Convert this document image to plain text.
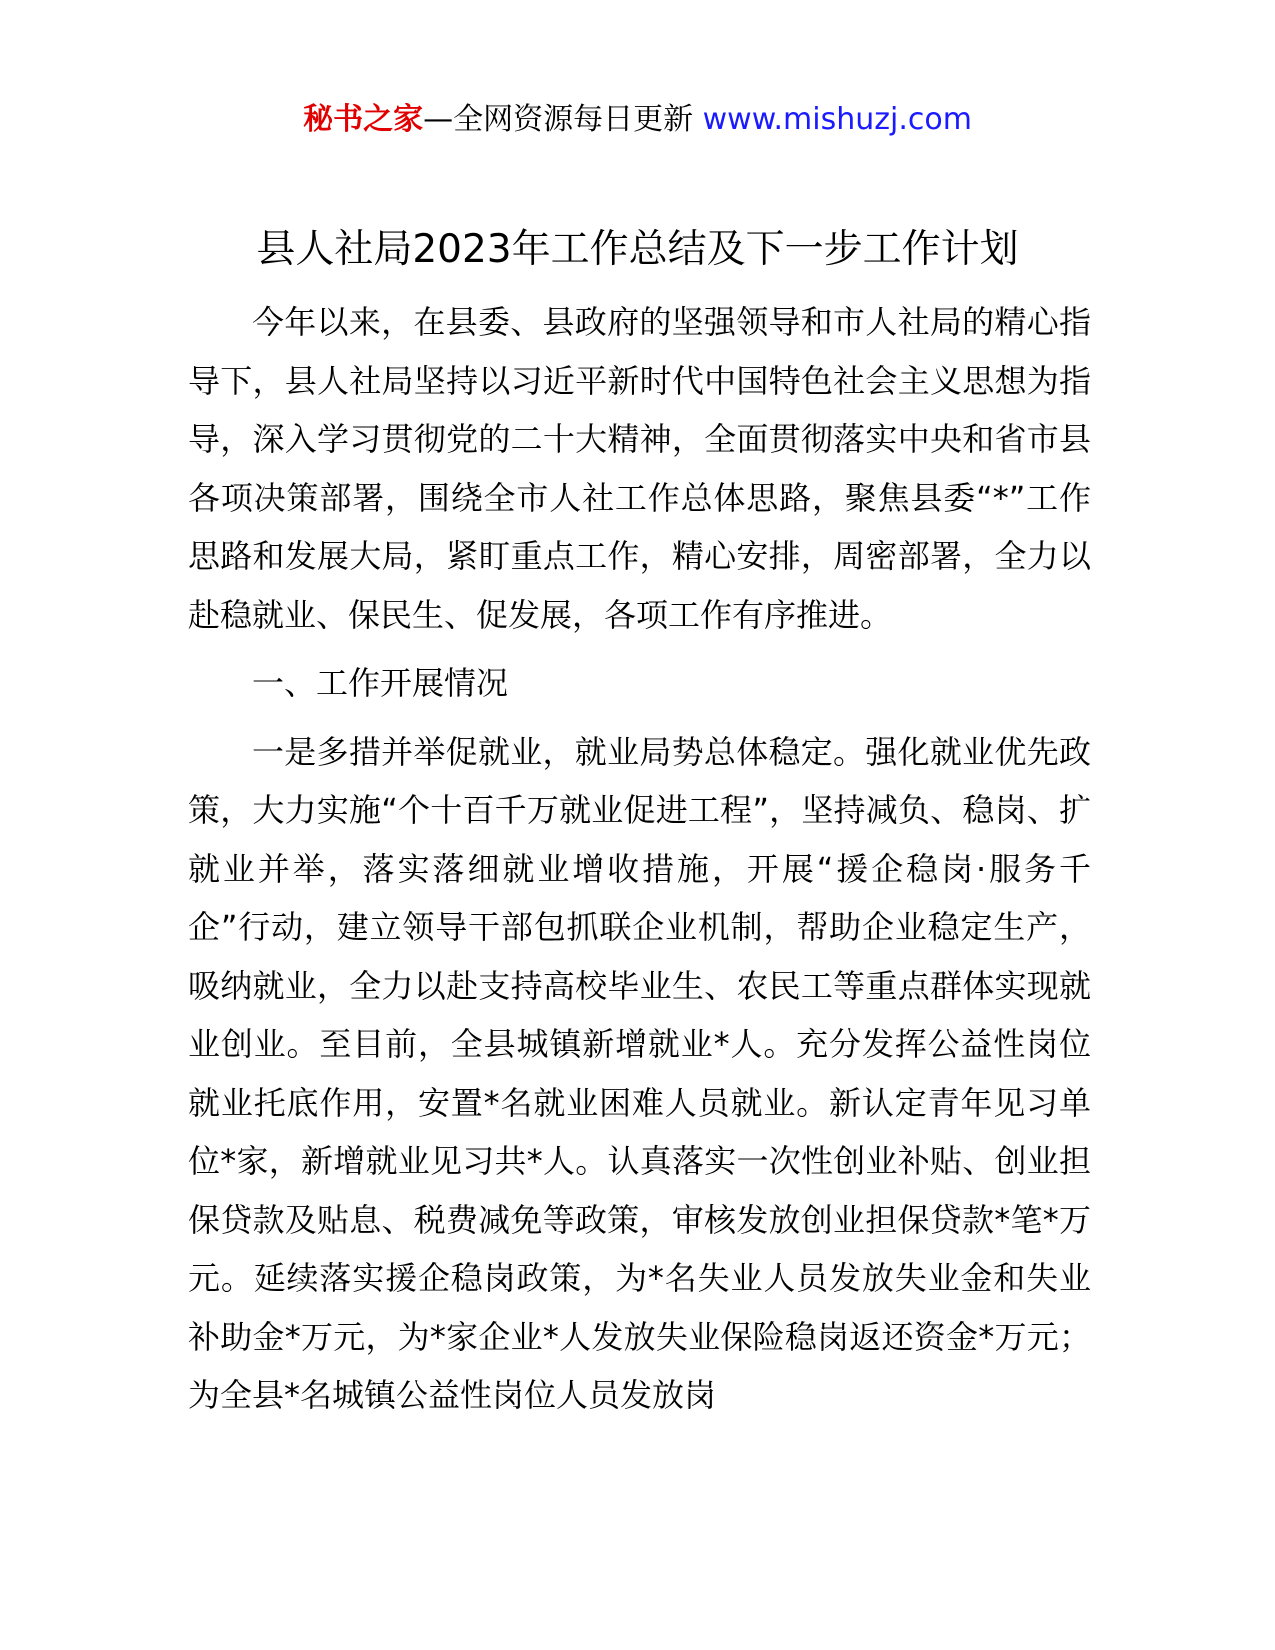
秘书之家—全网资源每日更新 www.mishuzj.com
县人社局2023年工作总结及下一步工作计划

今年以来，在县委、县政府的坚强领导和市人社局的精心指导下，县人社局坚持以习近平新时代中国特色社会主义思想为指导，深入学习贯彻党的二十大精神，全面贯彻落实中央和省市县各项决策部署，围绕全市人社工作总体思路，聚焦县委“*”工作思路和发展大局，紧盯重点工作，精心安排，周密部署，全力以赴稳就业、保民生、促发展，各项工作有序推进。

一、工作开展情况

一是多措并举促就业，就业局势总体稳定。强化就业优先政策，大力实施“个十百千万就业促进工程”，坚持减负、稳岗、扩就业并举，落实落细就业增收措施，开展“援企稳岗·服务千企”行动，建立领导干部包抓联企业机制，帮助企业稳定生产，吸纳就业，全力以赴支持高校毕业生、农民工等重点群体实现就业创业。至目前，全县城镇新增就业*人。充分发挥公益性岗位就业托底作用，安置*名就业困难人员就业。新认定青年见习单位*家，新增就业见习共*人。认真落实一次性创业补贴、创业担保贷款及贴息、税费减免等政策，审核发放创业担保贷款*笔*万元。延续落实援企稳岗政策，为*名失业人员发放失业金和失业补助金*万元，为*家企业*人发放失业保险稳岗返还资金*万元；为全县*名城镇公益性岗位人员发放岗
